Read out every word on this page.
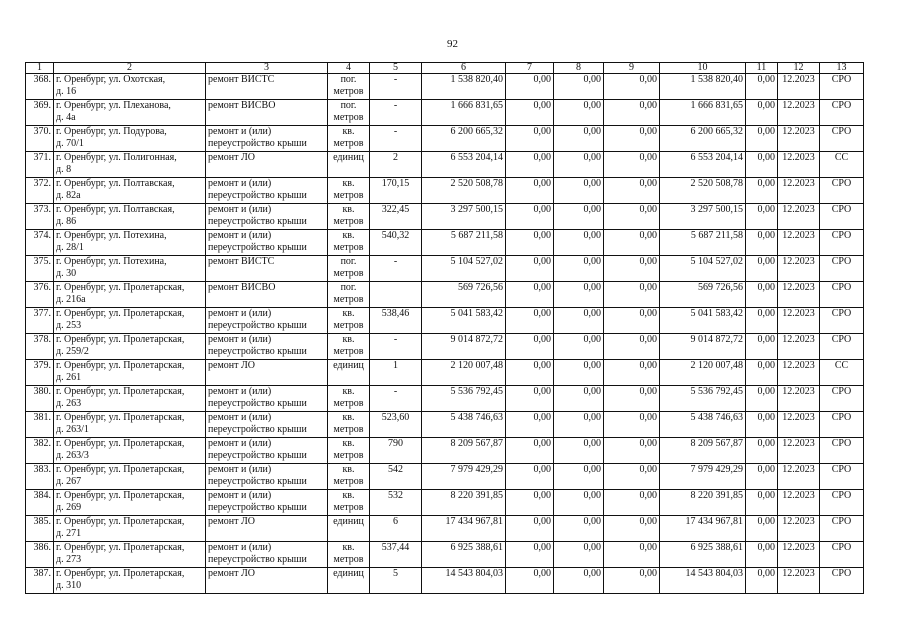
92
1	2	3	4	5	6	7	8	9	10	11	12	13
368.	г. Оренбург, ул. Охотская,
д. 16	ремонт ВИСТС	пог.
метров	-	1 538 820,40	0,00	0,00	0,00	1 538 820,40	0,00	12.2023	СРО
369.	г. Оренбург, ул. Плеханова,
д. 4а	ремонт ВИСВО	пог.
метров	-	1 666 831,65	0,00	0,00	0,00	1 666 831,65	0,00	12.2023	СРО
370.	г. Оренбург, ул. Подурова,
д. 70/1	ремонт и (или)
переустройство крыши	кв.
метров	-	6 200 665,32	0,00	0,00	0,00	6 200 665,32	0,00	12.2023	СРО
371.	г. Оренбург, ул. Полигонная,
д. 8	ремонт ЛО	единиц	2	6 553 204,14	0,00	0,00	0,00	6 553 204,14	0,00	12.2023	СС
372.	г. Оренбург, ул. Полтавская,
д. 82а	ремонт и (или)
переустройство крыши	кв.
метров	170,15	2 520 508,78	0,00	0,00	0,00	2 520 508,78	0,00	12.2023	СРО
373.	г. Оренбург, ул. Полтавская,
д. 86	ремонт и (или)
переустройство крыши	кв.
метров	322,45	3 297 500,15	0,00	0,00	0,00	3 297 500,15	0,00	12.2023	СРО
374.	г. Оренбург, ул. Потехина,
д. 28/1	ремонт и (или)
переустройство крыши	кв.
метров	540,32	5 687 211,58	0,00	0,00	0,00	5 687 211,58	0,00	12.2023	СРО
375.	г. Оренбург, ул. Потехина,
д. 30	ремонт ВИСТС	пог.
метров	-	5 104 527,02	0,00	0,00	0,00	5 104 527,02	0,00	12.2023	СРО
376.	г. Оренбург, ул. Пролетарская,
д. 216а	ремонт ВИСВО	пог.
метров		569 726,56	0,00	0,00	0,00	569 726,56	0,00	12.2023	СРО
377.	г. Оренбург, ул. Пролетарская,
д. 253	ремонт и (или)
переустройство крыши	кв.
метров	538,46	5 041 583,42	0,00	0,00	0,00	5 041 583,42	0,00	12.2023	СРО
378.	г. Оренбург, ул. Пролетарская,
д. 259/2	ремонт и (или)
переустройство крыши	кв.
метров	-	9 014 872,72	0,00	0,00	0,00	9 014 872,72	0,00	12.2023	СРО
379.	г. Оренбург, ул. Пролетарская,
д. 261	ремонт ЛО	единиц	1	2 120 007,48	0,00	0,00	0,00	2 120 007,48	0,00	12.2023	СС
380.	г. Оренбург, ул. Пролетарская,
д. 263	ремонт и (или)
переустройство крыши	кв.
метров	-	5 536 792,45	0,00	0,00	0,00	5 536 792,45	0,00	12.2023	СРО
381.	г. Оренбург, ул. Пролетарская,
д. 263/1	ремонт и (или)
переустройство крыши	кв.
метров	523,60	5 438 746,63	0,00	0,00	0,00	5 438 746,63	0,00	12.2023	СРО
382.	г. Оренбург, ул. Пролетарская,
д. 263/3	ремонт и (или)
переустройство крыши	кв.
метров	790	8 209 567,87	0,00	0,00	0,00	8 209 567,87	0,00	12.2023	СРО
383.	г. Оренбург, ул. Пролетарская,
д. 267	ремонт и (или)
переустройство крыши	кв.
метров	542	7 979 429,29	0,00	0,00	0,00	7 979 429,29	0,00	12.2023	СРО
384.	г. Оренбург, ул. Пролетарская,
д. 269	ремонт и (или)
переустройство крыши	кв.
метров	532	8 220 391,85	0,00	0,00	0,00	8 220 391,85	0,00	12.2023	СРО
385.	г. Оренбург, ул. Пролетарская,
д. 271	ремонт ЛО	единиц	6	17 434 967,81	0,00	0,00	0,00	17 434 967,81	0,00	12.2023	СРО
386.	г. Оренбург, ул. Пролетарская,
д. 273	ремонт и (или)
переустройство крыши	кв.
метров	537,44	6 925 388,61	0,00	0,00	0,00	6 925 388,61	0,00	12.2023	СРО
387.	г. Оренбург, ул. Пролетарская,
д. 310	ремонт ЛО	единиц	5	14 543 804,03	0,00	0,00	0,00	14 543 804,03	0,00	12.2023	СРО
